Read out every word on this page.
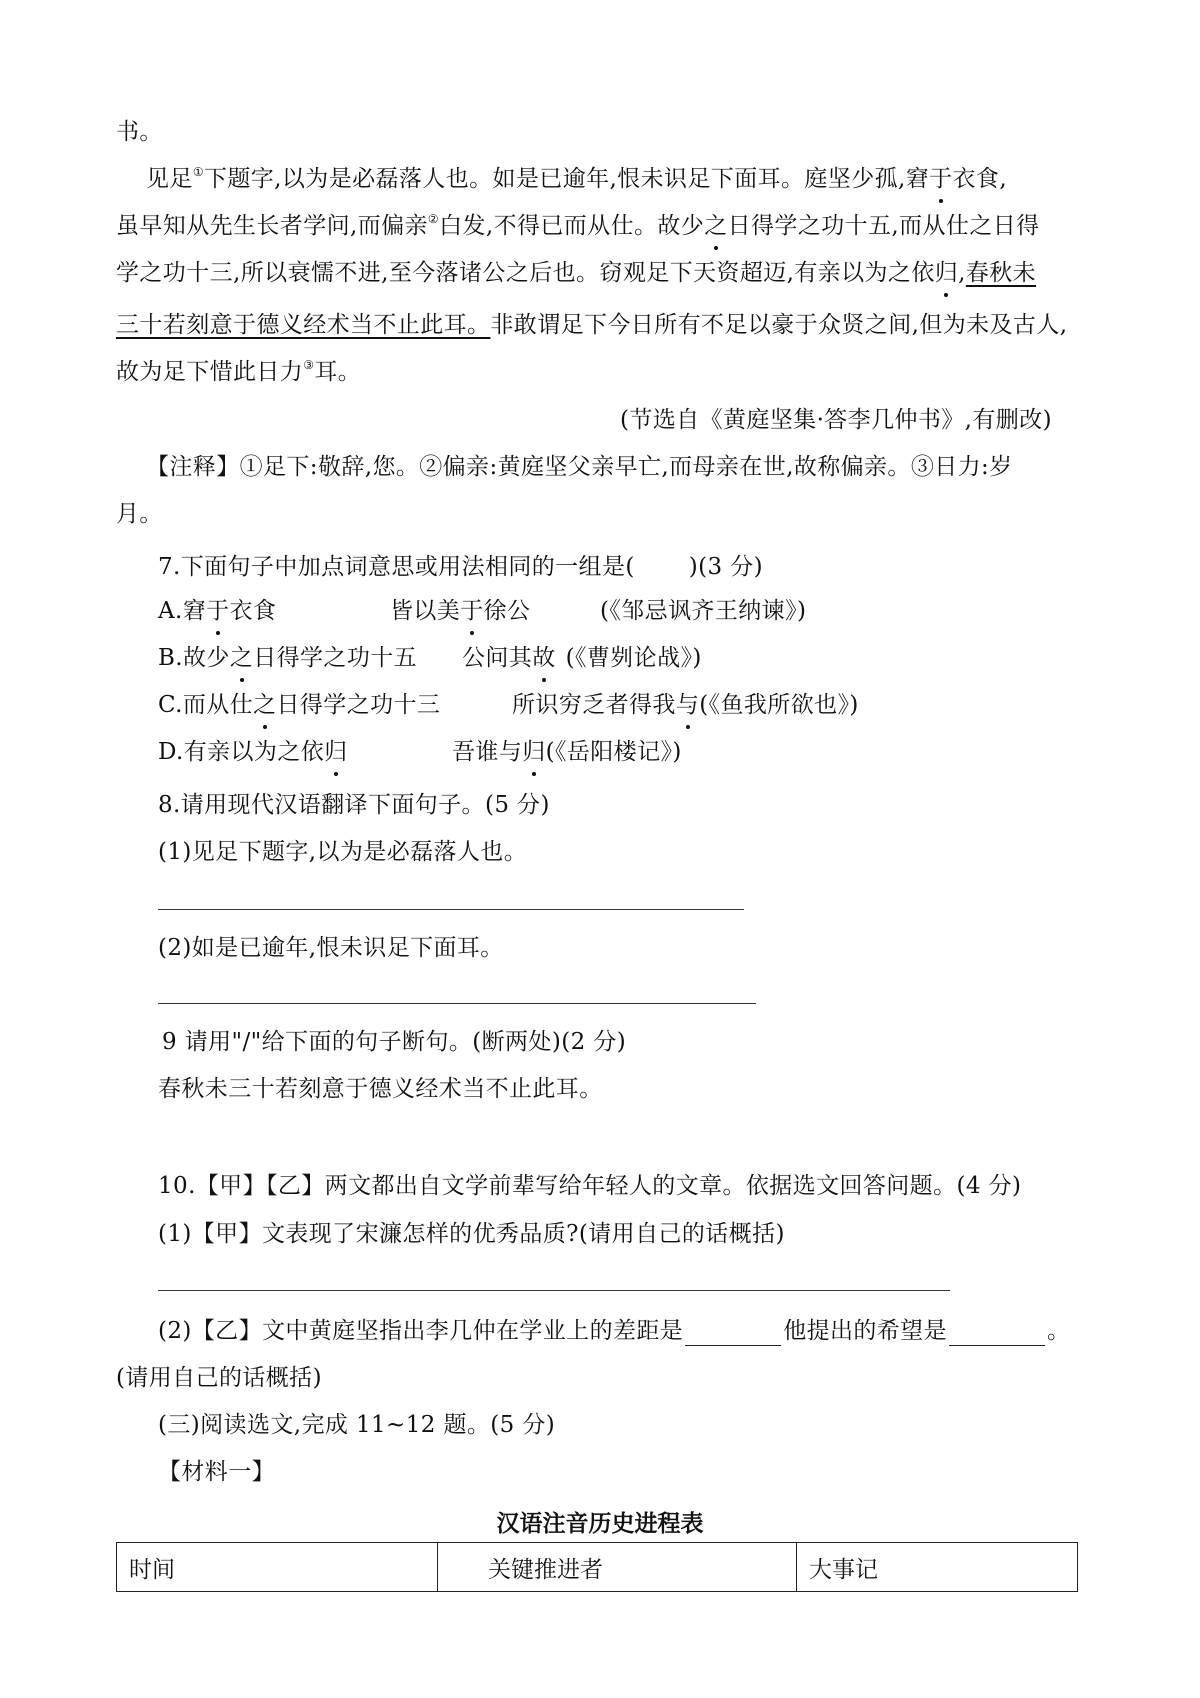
书。
见足①下题字,以为是必磊落人也。如是已逾年,恨未识足下面耳。庭坚少孤,窘于衣食,
虽早知从先生长者学问,而偏亲②白发,不得已而从仕。故少之日得学之功十五,而从仕之日得
学之功十三,所以衰懦不进,至今落诸公之后也。窃观足下天资超迈,有亲以为之依归,春秋未
三十若刻意于德义经术当不止此耳。非敢谓足下今日所有不足以豪于众贤之间,但为未及古人,
故为足下惜此日力③耳。
(节选自《黄庭坚集·答李几仲书》,有删改)
【注释】①足下:敬辞,您。②偏亲:黄庭坚父亲早亡,而母亲在世,故称偏亲。③日力:岁
月。
7.下面句子中加点词意思或用法相同的一组是( )(3 分)
A.窘于衣食	皆以美于徐公	(《邹忌讽齐王纳谏》)
B.故少之日得学之功十五 公问其故 (《曹刿论战》)
C.而从仕之日得学之功十三	所识穷乏者得我与(《鱼我所欲也》)
D.有亲以为之依归	吾谁与归(《岳阳楼记》)
8.请用现代汉语翻译下面句子。(5 分)
(1)见足下题字,以为是必磊落人也。
(2)如是已逾年,恨未识足下面耳。
9 请用"/"给下面的句子断句。(断两处)(2 分)
春秋未三十若刻意于德义经术当不止此耳。
10.【甲】【乙】两文都出自文学前辈写给年轻人的文章。依据选文回答问题。(4 分)
(1)【甲】文表现了宋濂怎样的优秀品质?(请用自己的话概括)
(2)【乙】文中黄庭坚指出李几仲在学业上的差距是	他提出的希望是	。
(请用自己的话概括)
(三)阅读选文,完成 11~12 题。(5 分)
【材料一】
汉语注音历史进程表
时间	关键推进者	大事记
